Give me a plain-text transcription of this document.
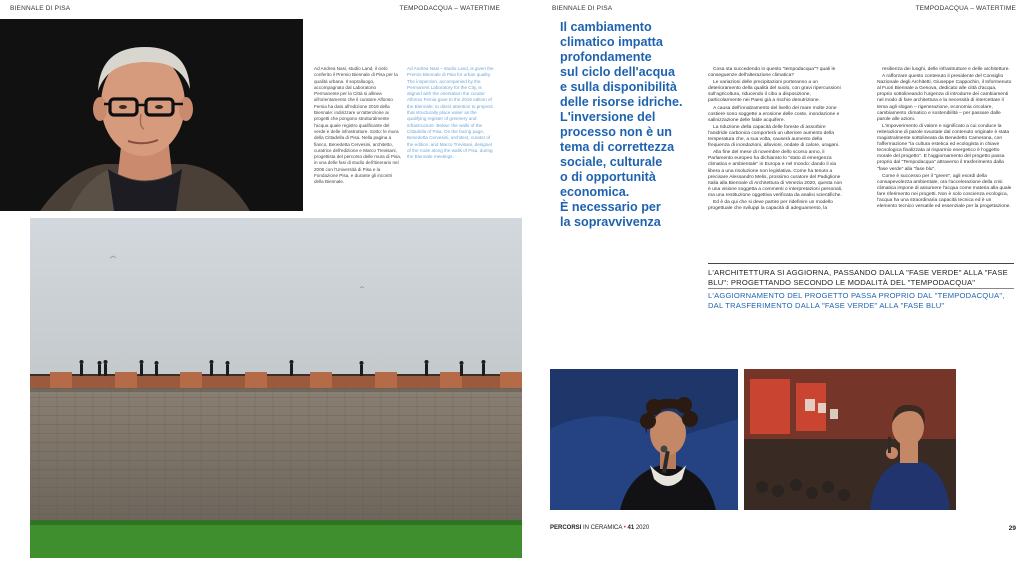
BIENNALE DI PISA	TEMPODACQUA – WATERTIME
Ad Andrea Nasi, studio Land, il cielo conferito il Premio Biennale di Pisa per la qualità urbana. Il sopralluogo, accompagnato dal Laboratorio Permanente per la Città si allinea all'orientamento che il curatore Alfonso Femia ha dato all'edizione 2019 della Biennale: indirizzare un'attenzione ai progetti che pongono strutturalmente l'acqua quale registro qualificante del verde e delle infrastrutture. Sotto: le mura della Cittadella di Pisa. Nella pagina a fianco, Benedetta Cervesini, architetto, curatrice dell'edizione e Marco Trevisani, progettista del percorso delle mura di Pisa, in una delle fasi di studio dell'itinerario nel 2006 con l'Università di Pisa e la Fondazione Pisa, e durante gli incontri della Biennale.
Ad Andrea Nasi – studio Land, is given the Premio Biennale di Pisa for urban quality. The inspection, accompanied by the Permanent Laboratory for the City, is aligned with the orientation the curator Alfonso Femia gave to the 2019 edition of the Biennale: to direct attention to projects that structurally place water as the qualifying register of greenery and infrastructure. Below: the walls of the Cittadella of Pisa. On the facing page, Benedetta Cervesini, architect, curator of the edition, and Marco Trevisani, designer of the route along the walls of Pisa, during the Biennale meetings.
BIENNALE DI PISA	TEMPODACQUA – WATERTIME
Il cambiamento
climatico impatta
profondamente
sul ciclo dell'acqua
e sulla disponibilità
delle risorse idriche.
L'inversione del
processo non è un
tema di correttezza
sociale, culturale
o di opportunità
economica.
È necessario per
la sopravvivenza

Cosa sta succedendo in questo "tempodacqua"? quali le conseguenze dell'alterazione climatica?

Le variazioni delle precipitazioni porteranno a un deterioramento della qualità del suolo, con gravi ripercussioni sull'agricoltura, riducendo il cibo a disposizione, particolarmente nei Paesi già a rischio denutrizione.

A causa dell'innalzamento del livello del mare molte zone costiere sono soggette a erosione delle coste, inondazione e salinizzazione delle falde acquifere.

La riduzione della capacità delle foreste di assorbire l'anidride carbonica comporterà un ulteriore aumento della temperatura che, a sua volta, causerà aumento della frequenza di inondazioni, alluvioni, ondate di calore, uragani.

Alla fine del mese di novembre dello scorso anno, il Parlamento europeo ha dichiarato lo "stato di emergenza climatica e ambientale" in Europa e nel mondo: dando il via libera a una risoluzione non legislativa. Come ha tenuto a precisare Alessandro Melis, prossimo curatore del Padiglione Italia alla Biennale di Architettura di Venezia 2020, questa non è una visione soggetta a commenti o interpretazioni personali, ma una restituzione oggettiva verificata da analisi scientifiche.

Ed è da qui che si deve partire per ridefinire un modello progettuale che sviluppi la capacità di adeguamento, la

resilienza dei luoghi, delle infrastrutture e delle architetture.

A rafforzare questo contenuto il presidente del Consiglio Nazionale degli Architetti, Giuseppe Cappochin, il Informenuto al Fuori Biennale a Genova, dedicato alle città d'acqua, proprio sottolineando l'urgenza di introdurre dei cambiamenti nel modo di fare architettura e la necessità di intercettare il tema agli slogan – rigenerazione, economia circolare, cambiamento climatico e sostenibilità – per passare dalle parole alle azioni.

L'impoverimento di valore e significato a cui conduce la reiterazione di parole svuotate dal contenuto originale è stata magistralmente sottolineata da Benedetto Camerana, con l'affermazione "la cultura estetica ed ecologista in chiave tecnologica finalizzata al risparmio energetico è l'oggetto morale del progetto". E l'aggiornamento del progetto passa proprio dal "Tempodacqua" attraverso il trasferimento dalla "fase verde" alla "fase blu".

Come è successo per il "green", agli esordi della consapevolezza ambientale, ora l'accelerazione della crisi climatica impone di assumere l'acqua come materia alla quale fare riferimento nei progetti. Non è solo coscienza ecologica, l'acqua ha una straordinaria capacità tecnica ed è un elemento tecnico versatile ed essenziale per la progettazione.

L'ARCHITETTURA SI AGGIORNA, PASSANDO DALLA "FASE VERDE" ALLA "FASE BLU": PROGETTANDO SECONDO LE MODALITÀ DEL "TEMPODACQUA"
L'AGGIORNAMENTO DEL PROGETTO PASSA PROPRIO DAL "TEMPODACQUA", DAL TRASFERIMENTO DALLA "FASE VERDE" ALLA "FASE BLU"
PERCORSI IN CERAMICA • 41 2020	29
